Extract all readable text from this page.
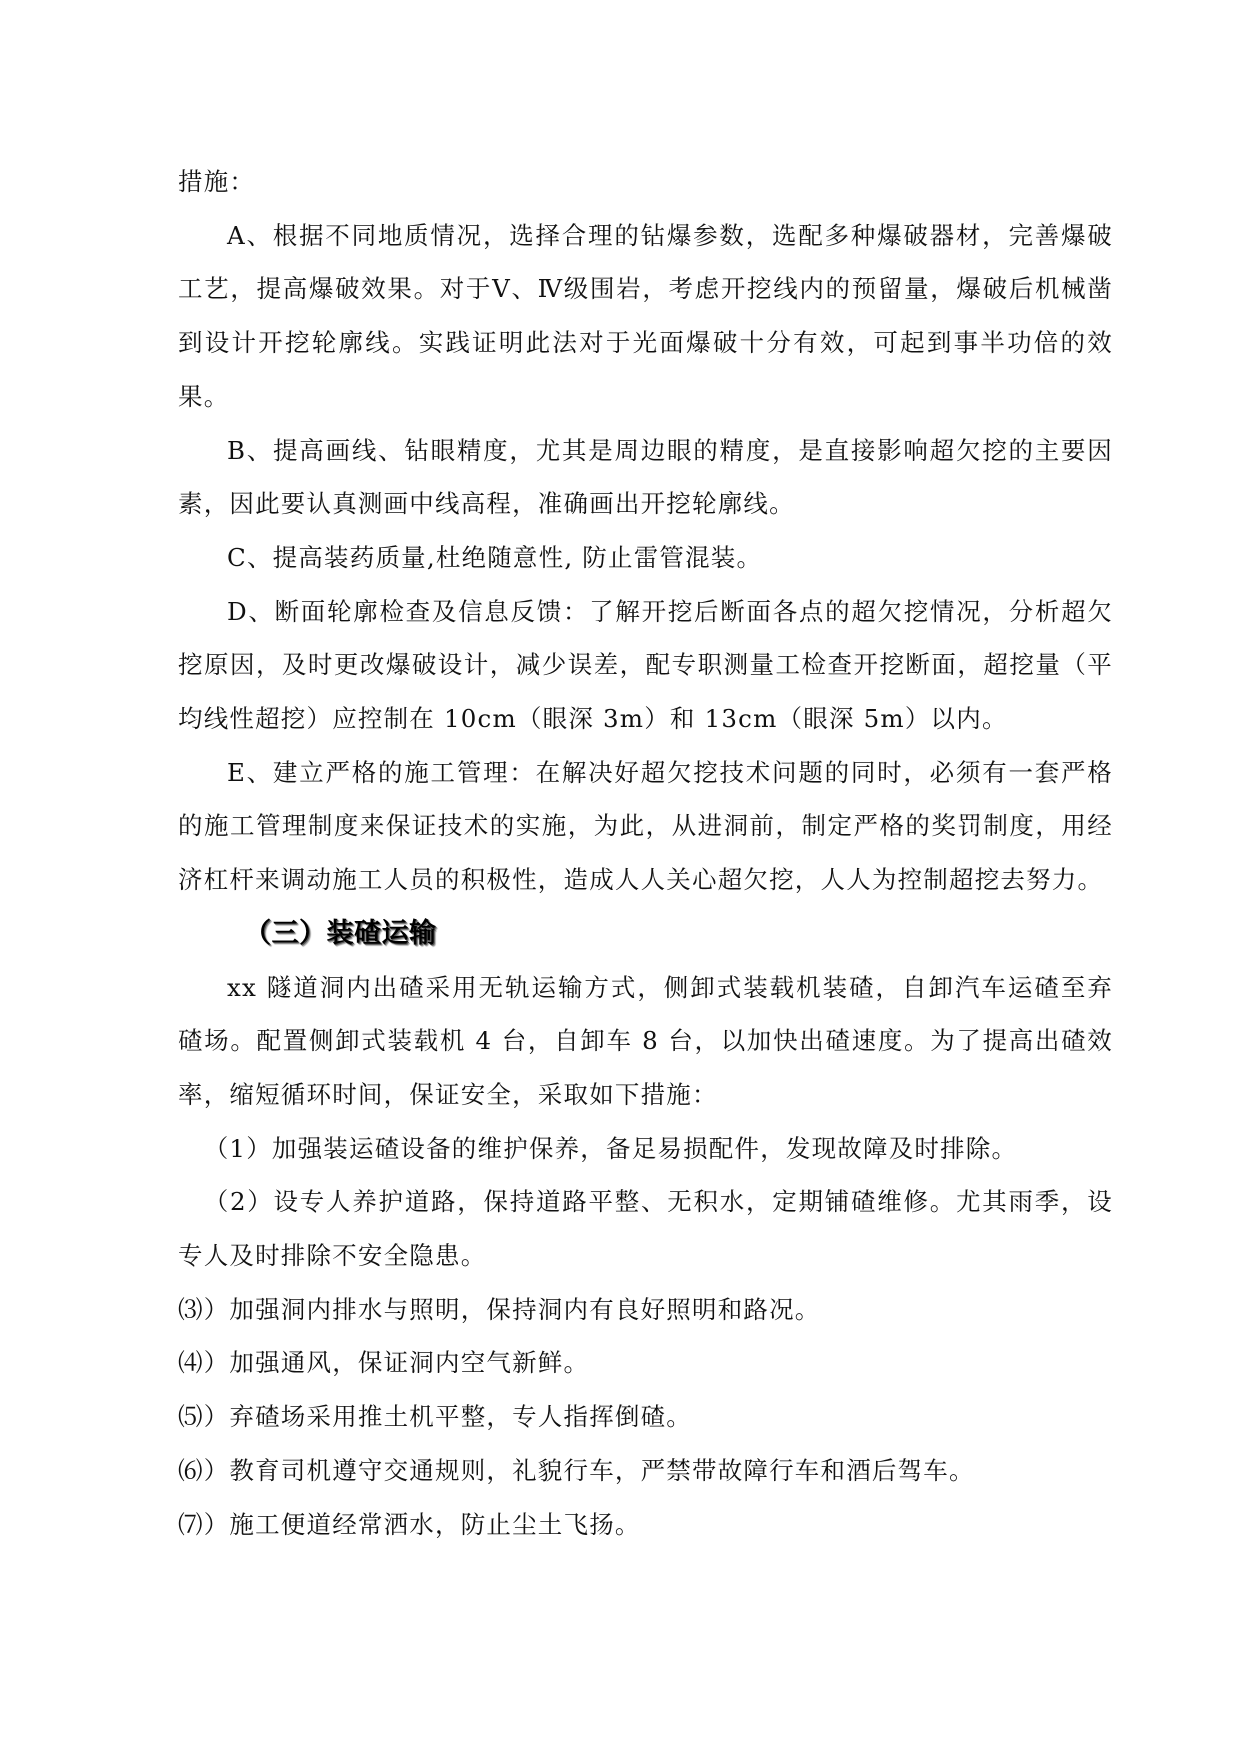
措施：

A、根据不同地质情况，选择合理的钻爆参数，选配多种爆破器材，完善爆破工艺，提高爆破效果。对于Ⅴ、Ⅳ级围岩，考虑开挖线内的预留量，爆破后机械凿到设计开挖轮廓线。实践证明此法对于光面爆破十分有效，可起到事半功倍的效果。

B、提高画线、钻眼精度，尤其是周边眼的精度，是直接影响超欠挖的主要因素，因此要认真测画中线高程，准确画出开挖轮廓线。

C、提高装药质量,杜绝随意性, 防止雷管混装。

D、断面轮廓检查及信息反馈：了解开挖后断面各点的超欠挖情况，分析超欠挖原因，及时更改爆破设计，减少误差，配专职测量工检查开挖断面，超挖量（平均线性超挖）应控制在 10cm（眼深 3m）和 13cm（眼深 5m）以内。

E、建立严格的施工管理：在解决好超欠挖技术问题的同时，必须有一套严格的施工管理制度来保证技术的实施，为此，从进洞前，制定严格的奖罚制度，用经济杠杆来调动施工人员的积极性，造成人人关心超欠挖，人人为控制超挖去努力。

（三）装碴运输

xx 隧道洞内出碴采用无轨运输方式，侧卸式装载机装碴，自卸汽车运碴至弃碴场。配置侧卸式装载机 4 台，自卸车 8 台，以加快出碴速度。为了提高出碴效率，缩短循环时间，保证安全，采取如下措施：

（1）加强装运碴设备的维护保养，备足易损配件，发现故障及时排除。

（2）设专人养护道路，保持道路平整、无积水，定期铺碴维修。尤其雨季，设专人及时排除不安全隐患。

⑶）加强洞内排水与照明，保持洞内有良好照明和路况。

⑷）加强通风，保证洞内空气新鲜。

⑸）弃碴场采用推土机平整，专人指挥倒碴。

⑹）教育司机遵守交通规则，礼貌行车，严禁带故障行车和酒后驾车。

⑺）施工便道经常洒水，防止尘土飞扬。
